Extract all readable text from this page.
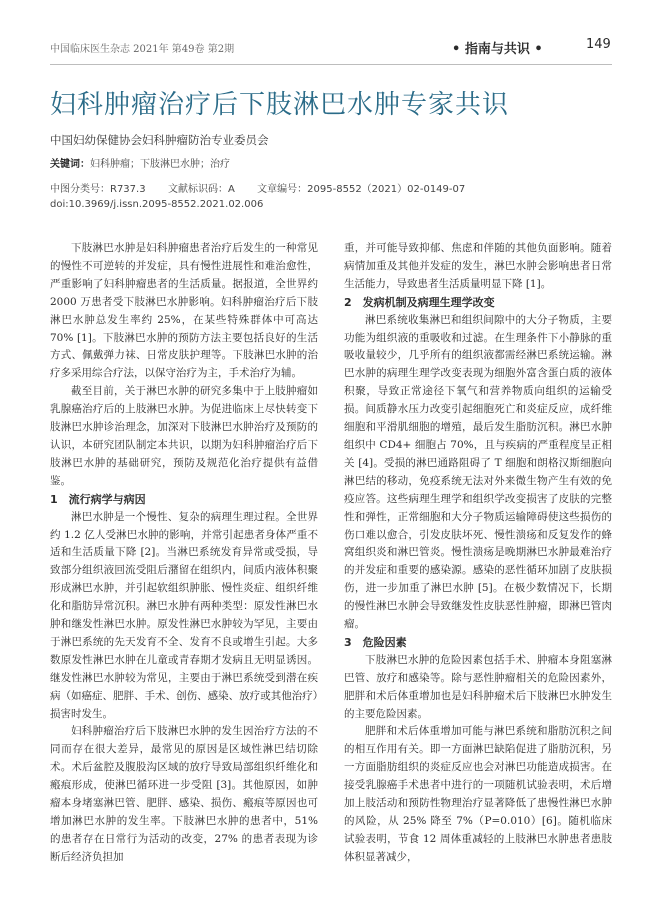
中国临床医生杂志 2021年 第49卷 第2期	• 指南与共识 •	149
妇科肿瘤治疗后下肢淋巴水肿专家共识
中国妇幼保健协会妇科肿瘤防治专业委员会
关键词：妇科肿瘤；下肢淋巴水肿；治疗
中图分类号：R737.3 文献标识码：A 文章编号：2095-8552（2021）02-0149-07
doi:10.3969/j.issn.2095-8552.2021.02.006

下肢淋巴水肿是妇科肿瘤患者治疗后发生的一种常见的慢性不可逆转的并发症，具有慢性进展性和难治愈性，严重影响了妇科肿瘤患者的生活质量。据报道，全世界约 2000 万患者受下肢淋巴水肿影响。妇科肿瘤治疗后下肢淋巴水肿总发生率约 25%，在某些特殊群体中可高达 70% [1]。下肢淋巴水肿的预防方法主要包括良好的生活方式、佩戴弹力袜、日常皮肤护理等。下肢淋巴水肿的治疗多采用综合疗法，以保守治疗为主，手术治疗为辅。

截至目前，关于淋巴水肿的研究多集中于上肢肿瘤如乳腺癌治疗后的上肢淋巴水肿。为促进临床上尽快转变下肢淋巴水肿诊治理念，加深对下肢淋巴水肿治疗及预防的认识，本研究团队制定本共识，以期为妇科肿瘤治疗后下肢淋巴水肿的基础研究，预防及规范化治疗提供有益借鉴。

1　流行病学与病因

淋巴水肿是一个慢性、复杂的病理生理过程。全世界约 1.2 亿人受淋巴水肿的影响，并常引起患者身体严重不适和生活质量下降 [2]。当淋巴系统发育异常或受损，导致部分组织液回流受阻后潴留在组织内，间质内液体积聚形成淋巴水肿，并引起软组织肿胀、慢性炎症、组织纤维化和脂肪异常沉积。淋巴水肿有两种类型：原发性淋巴水肿和继发性淋巴水肿。原发性淋巴水肿较为罕见，主要由于淋巴系统的先天发育不全、发育不良或增生引起。大多数原发性淋巴水肿在儿童或青春期才发病且无明显诱因。继发性淋巴水肿较为常见，主要由于淋巴系统受到潜在疾病（如癌症、肥胖、手术、创伤、感染、放疗或其他治疗）损害时发生。

妇科肿瘤治疗后下肢淋巴水肿的发生因治疗方法的不同而存在很大差异，最常见的原因是区域性淋巴结切除术。术后盆腔及腹股沟区域的放疗导致局部组织纤维化和瘢痕形成，使淋巴循环进一步受阻 [3]。其他原因，如肿瘤本身堵塞淋巴管、肥胖、感染、损伤、瘢痕等原因也可增加淋巴水肿的发生率。下肢淋巴水肿的患者中，51% 的患者存在日常行为活动的改变，27% 的患者表现为诊断后经济负担加

重，并可能导致抑郁、焦虑和伴随的其他负面影响。随着病情加重及其他并发症的发生，淋巴水肿会影响患者日常生活能力，导致患者生活质量明显下降 [1]。

2　发病机制及病理生理学改变

淋巴系统收集淋巴和组织间隙中的大分子物质，主要功能为组织液的重吸收和过滤。在生理条件下小静脉的重吸收量较少，几乎所有的组织液都需经淋巴系统运输。淋巴水肿的病理生理学改变表现为细胞外富含蛋白质的液体积聚，导致正常途径下氧气和营养物质向组织的运输受损。间质静水压力改变引起细胞死亡和炎症反应，成纤维细胞和平滑肌细胞的增殖，最后发生脂肪沉积。淋巴水肿组织中 CD4+ 细胞占 70%，且与疾病的严重程度呈正相关 [4]。受损的淋巴通路阻碍了 T 细胞和朗格汉斯细胞向淋巴结的移动，免疫系统无法对外来微生物产生有效的免疫应答。这些病理生理学和组织学改变损害了皮肤的完整性和弹性，正常细胞和大分子物质运输障碍使这些损伤的伤口难以愈合，引发皮肤坏死、慢性溃疡和反复发作的蜂窝组织炎和淋巴管炎。慢性溃疡是晚期淋巴水肿最难治疗的并发症和重要的感染源。感染的恶性循环加剧了皮肤损伤，进一步加重了淋巴水肿 [5]。在极少数情况下，长期的慢性淋巴水肿会导致继发性皮肤恶性肿瘤，即淋巴管肉瘤。

3　危险因素

下肢淋巴水肿的危险因素包括手术、肿瘤本身阻塞淋巴管、放疗和感染等。除与恶性肿瘤相关的危险因素外，肥胖和术后体重增加也是妇科肿瘤术后下肢淋巴水肿发生的主要危险因素。

肥胖和术后体重增加可能与淋巴系统和脂肪沉积之间的相互作用有关。即一方面淋巴缺陷促进了脂肪沉积，另一方面脂肪组织的炎症反应也会对淋巴功能造成损害。在接受乳腺癌手术患者中进行的一项随机试验表明，术后增加上肢活动和预防性物理治疗显著降低了患慢性淋巴水肿的风险，从 25% 降至 7%（P=0.010）[6]。随机临床试验表明，节食 12 周体重减轻的上肢淋巴水肿患者患肢体积显著减少，
